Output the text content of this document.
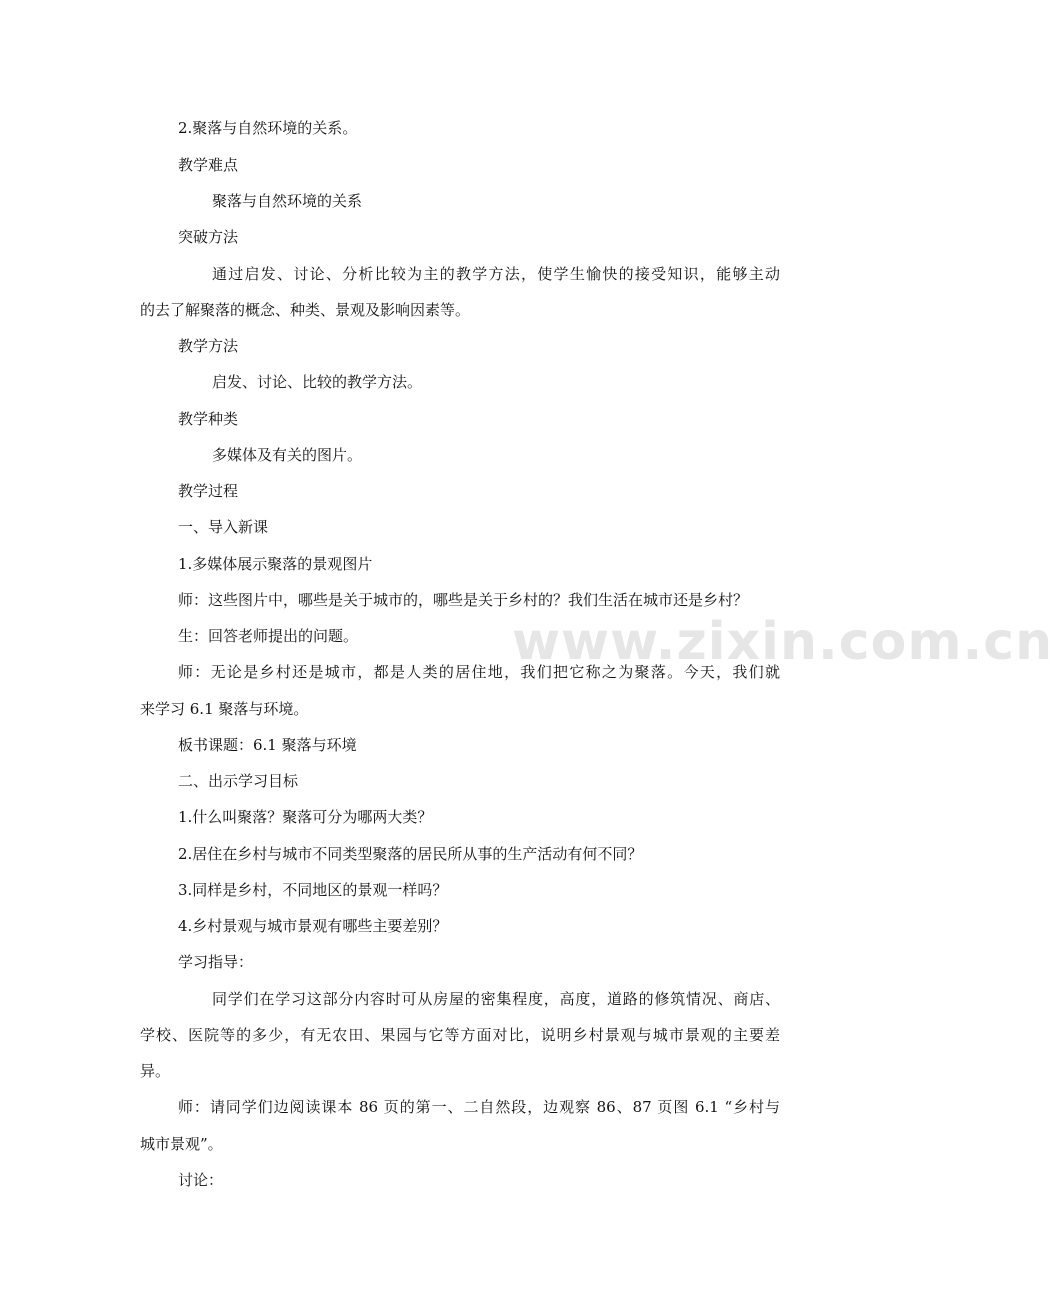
www.zixin.com.cn
2.聚落与自然环境的关系。
教学难点
聚落与自然环境的关系
突破方法
通过启发、讨论、分析比较为主的教学方法，使学生愉快的接受知识，能够主动
的去了解聚落的概念、种类、景观及影响因素等。
教学方法
启发、讨论、比较的教学方法。
教学种类
多媒体及有关的图片。
教学过程
一、导入新课
1.多媒体展示聚落的景观图片
师：这些图片中，哪些是关于城市的，哪些是关于乡村的？我们生活在城市还是乡村？
生：回答老师提出的问题。
师：无论是乡村还是城市，都是人类的居住地，我们把它称之为聚落。今天，我们就
来学习 6.1 聚落与环境。
板书课题：6.1 聚落与环境
二、出示学习目标
1.什么叫聚落？聚落可分为哪两大类？
2.居住在乡村与城市不同类型聚落的居民所从事的生产活动有何不同？
3.同样是乡村，不同地区的景观一样吗？
4.乡村景观与城市景观有哪些主要差别？
学习指导：
同学们在学习这部分内容时可从房屋的密集程度，高度，道路的修筑情况、商店、
学校、医院等的多少，有无农田、果园与它等方面对比，说明乡村景观与城市景观的主要差
异。
师：请同学们边阅读课本 86 页的第一、二自然段，边观察 86、87 页图 6.1 “乡村与
城市景观”。
讨论：
